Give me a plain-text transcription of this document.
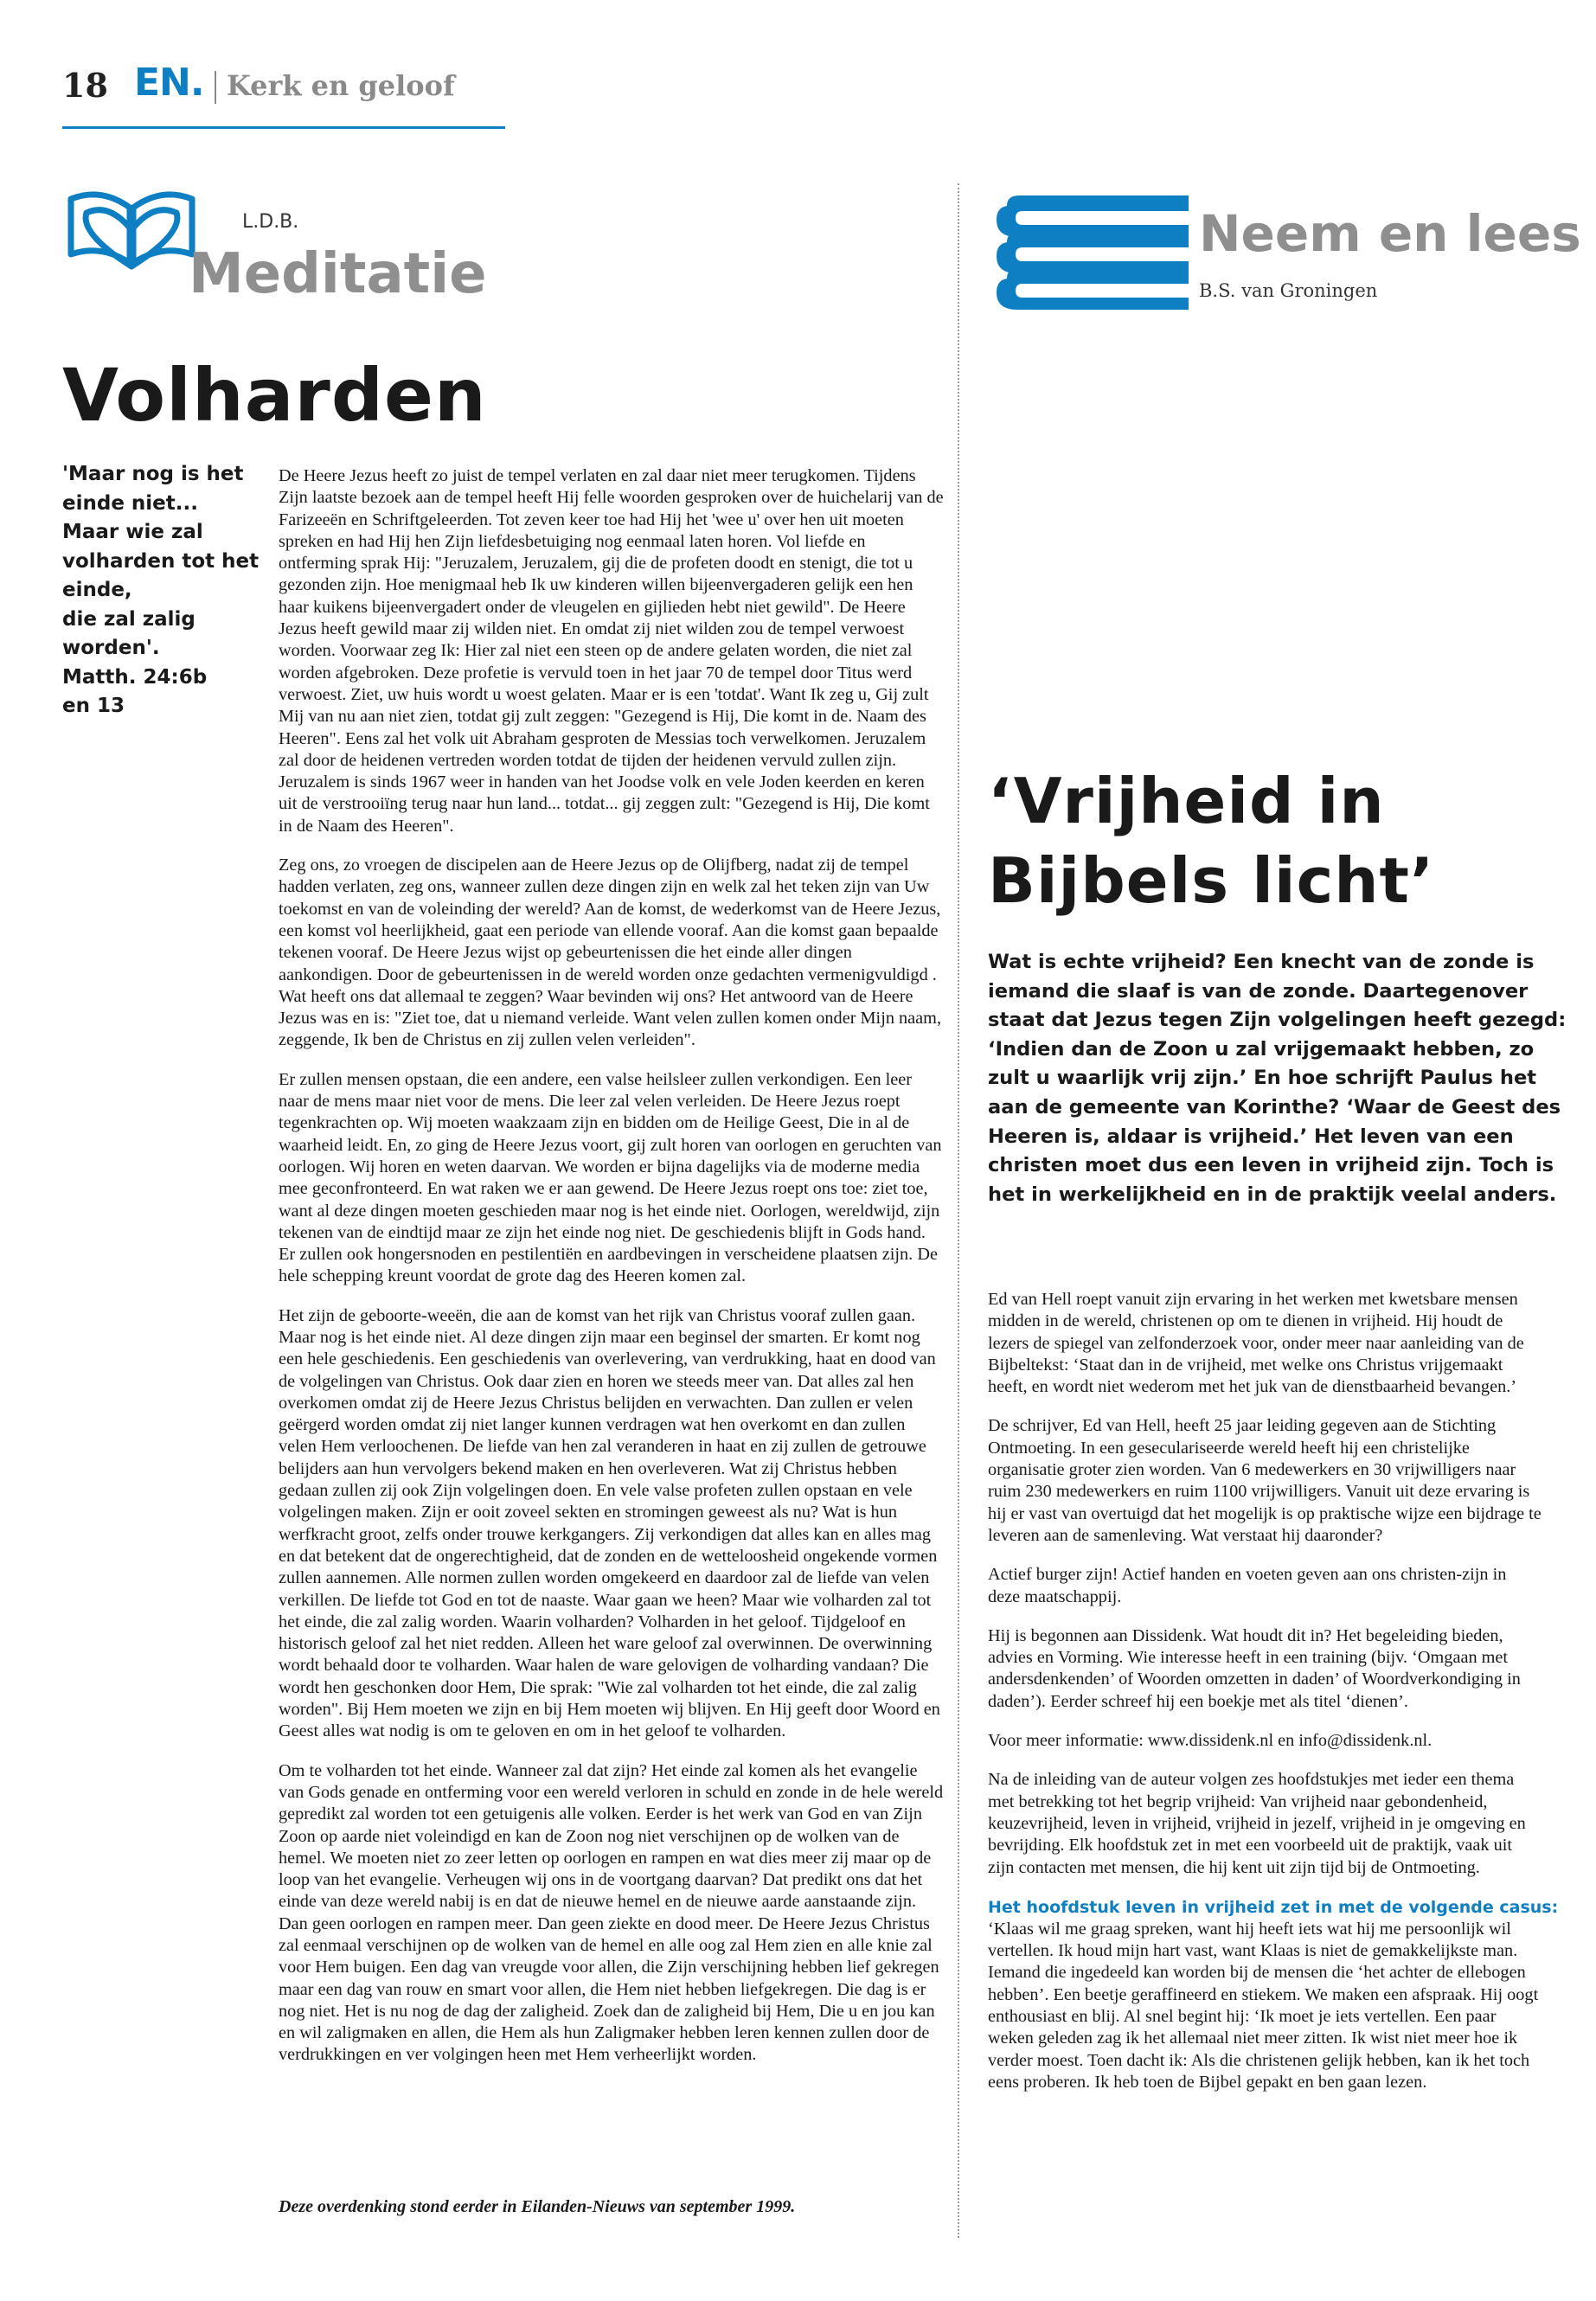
18 EN. Kerk en geloof
L.D.B.
Meditatie
Volharden
'Maar nog is het
einde niet...
Maar wie zal
volharden tot het
einde,
die zal zalig
worden'.
Matth. 24:6b
en 13

De Heere Jezus heeft zo juist de tempel verlaten en zal daar niet meer terugkomen. Tijdens Zijn laatste bezoek aan de tempel heeft Hij felle woorden gesproken over de huichelarij van de Farizeeën en Schriftgeleerden. Tot zeven keer toe had Hij het 'wee u' over hen uit moeten spreken en had Hij hen Zijn liefdesbetuiging nog eenmaal laten horen. Vol liefde en ontferming sprak Hij: "Jeruzalem, Jeruzalem, gij die de profeten doodt en stenigt, die tot u gezonden zijn. Hoe menigmaal heb Ik uw kinderen willen bijeenvergaderen gelijk een hen haar kuikens bijeenvergadert onder de vleugelen en gijlieden hebt niet gewild". De Heere Jezus heeft gewild maar zij wilden niet. En omdat zij niet wilden zou de tempel verwoest worden. Voorwaar zeg Ik: Hier zal niet een steen op de andere gelaten worden, die niet zal worden afgebroken. Deze profetie is vervuld toen in het jaar 70 de tempel door Titus werd verwoest. Ziet, uw huis wordt u woest gelaten. Maar er is een 'totdat'. Want Ik zeg u, Gij zult Mij van nu aan niet zien, totdat gij zult zeggen: "Gezegend is Hij, Die komt in de. Naam des Heeren". Eens zal het volk uit Abraham gesproten de Messias toch verwelkomen. Jeruzalem zal door de heidenen vertreden worden totdat de tijden der heidenen vervuld zullen zijn. Jeruzalem is sinds 1967 weer in handen van het Joodse volk en vele Joden keerden en keren uit de verstrooiïng terug naar hun land... totdat... gij zeggen zult: "Gezegend is Hij, Die komt in de Naam des Heeren".

Zeg ons, zo vroegen de discipelen aan de Heere Jezus op de Olijfberg, nadat zij de tempel hadden verlaten, zeg ons, wanneer zullen deze dingen zijn en welk zal het teken zijn van Uw toekomst en van de voleinding der wereld? Aan de komst, de wederkomst van de Heere Jezus, een komst vol heerlijkheid, gaat een periode van ellende vooraf. Aan die komst gaan bepaalde tekenen vooraf. De Heere Jezus wijst op gebeurtenissen die het einde aller dingen aankondigen. Door de gebeurtenissen in de wereld worden onze gedachten vermenigvuldigd . Wat heeft ons dat allemaal te zeggen? Waar bevinden wij ons? Het antwoord van de Heere Jezus was en is: "Ziet toe, dat u niemand verleide. Want velen zullen komen onder Mijn naam, zeggende, Ik ben de Christus en zij zullen velen verleiden".

Er zullen mensen opstaan, die een andere, een valse heilsleer zullen verkondigen. Een leer naar de mens maar niet voor de mens. Die leer zal velen verleiden. De Heere Jezus roept tegenkrachten op. Wij moeten waakzaam zijn en bidden om de Heilige Geest, Die in al de waarheid leidt. En, zo ging de Heere Jezus voort, gij zult horen van oorlogen en geruchten van oorlogen. Wij horen en weten daarvan. We worden er bijna dagelijks via de moderne media mee geconfronteerd. En wat raken we er aan gewend. De Heere Jezus roept ons toe: ziet toe, want al deze dingen moeten geschieden maar nog is het einde niet. Oorlogen, wereldwijd, zijn tekenen van de eindtijd maar ze zijn het einde nog niet. De geschiedenis blijft in Gods hand. Er zullen ook hongersnoden en pestilentiën en aardbevingen in verscheidene plaatsen zijn. De hele schepping kreunt voordat de grote dag des Heeren komen zal.

Het zijn de geboorte-weeën, die aan de komst van het rijk van Christus vooraf zullen gaan. Maar nog is het einde niet. Al deze dingen zijn maar een beginsel der smarten. Er komt nog een hele geschiedenis. Een geschiedenis van overlevering, van verdrukking, haat en dood van de volgelingen van Christus. Ook daar zien en horen we steeds meer van. Dat alles zal hen overkomen omdat zij de Heere Jezus Christus belijden en verwachten. Dan zullen er velen geërgerd worden omdat zij niet langer kunnen verdragen wat hen overkomt en dan zullen velen Hem verloochenen. De liefde van hen zal veranderen in haat en zij zullen de getrouwe belijders aan hun vervolgers bekend maken en hen overleveren. Wat zij Christus hebben gedaan zullen zij ook Zijn volgelingen doen. En vele valse profeten zullen opstaan en vele volgelingen maken. Zijn er ooit zoveel sekten en stromingen geweest als nu? Wat is hun werfkracht groot, zelfs onder trouwe kerkgangers. Zij verkondigen dat alles kan en alles mag en dat betekent dat de ongerechtigheid, dat de zonden en de wetteloosheid ongekende vormen zullen aannemen. Alle normen zullen worden omgekeerd en daardoor zal de liefde van velen verkillen. De liefde tot God en tot de naaste. Waar gaan we heen? Maar wie volharden zal tot het einde, die zal zalig worden. Waarin volharden? Volharden in het geloof. Tijdgeloof en historisch geloof zal het niet redden. Alleen het ware geloof zal overwinnen. De overwinning wordt behaald door te volharden. Waar halen de ware gelovigen de volharding vandaan? Die wordt hen geschonken door Hem, Die sprak: "Wie zal volharden tot het einde, die zal zalig worden". Bij Hem moeten we zijn en bij Hem moeten wij blijven. En Hij geeft door Woord en Geest alles wat nodig is om te geloven en om in het geloof te volharden.

Om te volharden tot het einde. Wanneer zal dat zijn? Het einde zal komen als het evangelie van Gods genade en ontferming voor een wereld verloren in schuld en zonde in de hele wereld gepredikt zal worden tot een getuigenis alle volken. Eerder is het werk van God en van Zijn Zoon op aarde niet voleindigd en kan de Zoon nog niet verschijnen op de wolken van de hemel. We moeten niet zo zeer letten op oorlogen en rampen en wat dies meer zij maar op de loop van het evangelie. Verheugen wij ons in de voortgang daarvan? Dat predikt ons dat het einde van deze wereld nabij is en dat de nieuwe hemel en de nieuwe aarde aanstaande zijn. Dan geen oorlogen en rampen meer. Dan geen ziekte en dood meer. De Heere Jezus Christus zal eenmaal verschijnen op de wolken van de hemel en alle oog zal Hem zien en alle knie zal voor Hem buigen. Een dag van vreugde voor allen, die Zijn verschijning hebben lief gekregen maar een dag van rouw en smart voor allen, die Hem niet hebben liefgekregen. Die dag is er nog niet. Het is nu nog de dag der zaligheid. Zoek dan de zaligheid bij Hem, Die u en jou kan en wil zaligmaken en allen, die Hem als hun Zaligmaker hebben leren kennen zullen door de verdrukkingen en ver volgingen heen met Hem verheerlijkt worden.

Deze overdenking stond eerder in Eilanden-Nieuws van september 1999.
Neem en lees
B.S. van Groningen
‘Vrijheid in
Bijbels licht’
Wat is echte vrijheid? Een knecht van de zonde is
iemand die slaaf is van de zonde. Daartegenover
staat dat Jezus tegen Zijn volgelingen heeft gezegd:
‘Indien dan de Zoon u zal vrijgemaakt hebben, zo
zult u waarlijk vrij zijn.’ En hoe schrijft Paulus het
aan de gemeente van Korinthe? ‘Waar de Geest des
Heeren is, aldaar is vrijheid.’ Het leven van een
christen moet dus een leven in vrijheid zijn. Toch is
het in werkelijkheid en in de praktijk veelal anders.

Ed van Hell roept vanuit zijn ervaring in het werken met kwetsbare mensen midden in de wereld, christenen op om te dienen in vrijheid. Hij houdt de lezers de spiegel van zelfonderzoek voor, onder meer naar aanleiding van de Bijbeltekst: ‘Staat dan in de vrijheid, met welke ons Christus vrijgemaakt heeft, en wordt niet wederom met het juk van de dienstbaarheid bevangen.’

De schrijver, Ed van Hell, heeft 25 jaar leiding gegeven aan de Stichting Ontmoeting. In een geseculariseerde wereld heeft hij een christelijke organisatie groter zien worden. Van 6 medewerkers en 30 vrijwilligers naar ruim 230 medewerkers en ruim 1100 vrijwilligers. Vanuit uit deze ervaring is hij er vast van overtuigd dat het mogelijk is op praktische wijze een bijdrage te leveren aan de samenleving. Wat verstaat hij daaronder?

Actief burger zijn! Actief handen en voeten geven aan ons christen-zijn in deze maatschappij.

Hij is begonnen aan Dissidenk. Wat houdt dit in? Het begeleiding bieden, advies en Vorming. Wie interesse heeft in een training (bijv. ‘Omgaan met andersdenkenden’ of Woorden omzetten in daden’ of Woordverkondiging in daden’). Eerder schreef hij een boekje met als titel ‘dienen’.

Voor meer informatie: www.dissidenk.nl en info@dissidenk.nl.

Na de inleiding van de auteur volgen zes hoofdstukjes met ieder een thema met betrekking tot het begrip vrijheid: Van vrijheid naar gebondenheid, keuzevrijheid, leven in vrijheid, vrijheid in jezelf, vrijheid in je omgeving en bevrijding. Elk hoofdstuk zet in met een voorbeeld uit de praktijk, vaak uit zijn contacten met mensen, die hij kent uit zijn tijd bij de Ontmoeting.

Het hoofdstuk leven in vrijheid zet in met de volgende casus:

‘Klaas wil me graag spreken, want hij heeft iets wat hij me persoonlijk wil vertellen. Ik houd mijn hart vast, want Klaas is niet de gemakkelijkste man. Iemand die ingedeeld kan worden bij de mensen die ‘het achter de ellebogen hebben’. Een beetje geraffineerd en stiekem. We maken een afspraak. Hij oogt enthousiast en blij. Al snel begint hij: ‘Ik moet je iets vertellen. Een paar weken geleden zag ik het allemaal niet meer zitten. Ik wist niet meer hoe ik verder moest. Toen dacht ik: Als die christenen gelijk hebben, kan ik het toch eens proberen. Ik heb toen de Bijbel gepakt en ben gaan lezen.
